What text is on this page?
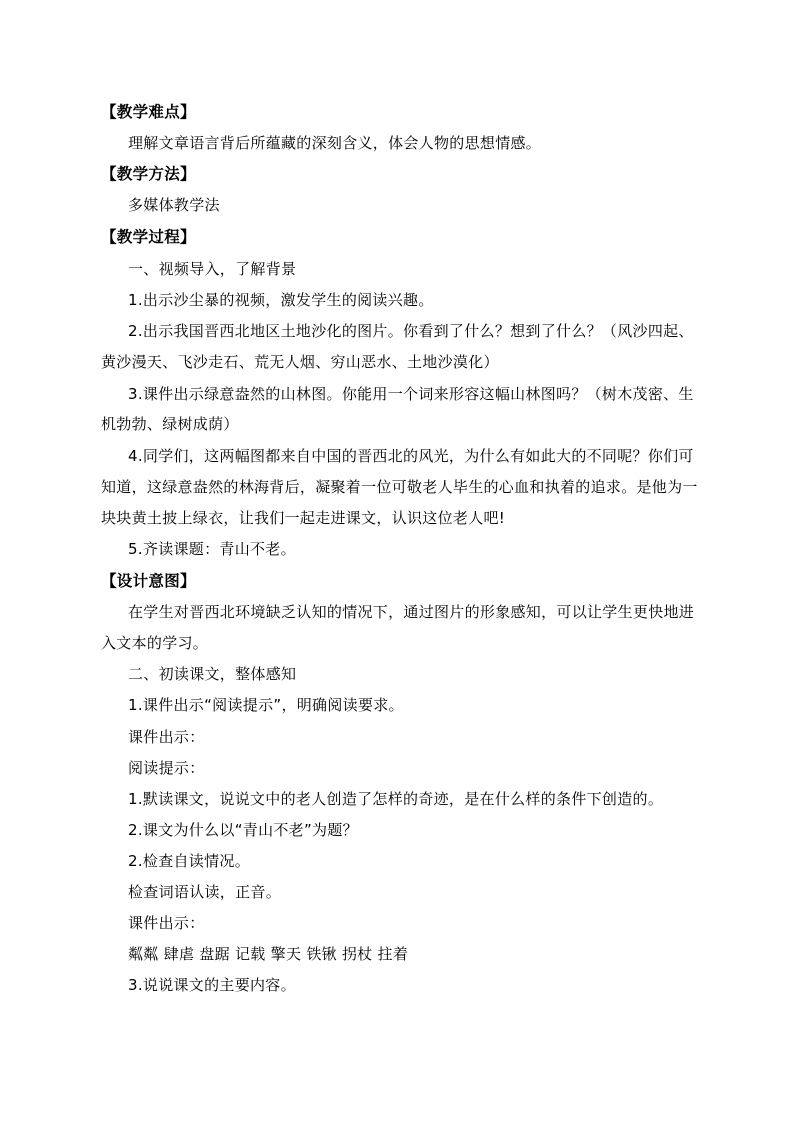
【教学难点】
理解文章语言背后所蕴藏的深刻含义，体会人物的思想情感。
【教学方法】
多媒体教学法
【教学过程】
一、视频导入，了解背景
1.出示沙尘暴的视频，激发学生的阅读兴趣。
2.出示我国晋西北地区土地沙化的图片。你看到了什么？想到了什么？（风沙四起、
黄沙漫天、飞沙走石、荒无人烟、穷山恶水、土地沙漠化）
3.课件出示绿意盎然的山林图。你能用一个词来形容这幅山林图吗？（树木茂密、生
机勃勃、绿树成荫）
4.同学们，这两幅图都来自中国的晋西北的风光，为什么有如此大的不同呢？你们可
知道，这绿意盎然的林海背后，凝聚着一位可敬老人毕生的心血和执着的追求。是他为一
块块黄土披上绿衣，让我们一起走进课文，认识这位老人吧!
5.齐读课题：青山不老。
【设计意图】
在学生对晋西北环境缺乏认知的情况下，通过图片的形象感知，可以让学生更快地进
入文本的学习。
二、初读课文，整体感知
1.课件出示“阅读提示”，明确阅读要求。
课件出示：
阅读提示：
1.默读课文，说说文中的老人创造了怎样的奇迹，是在什么样的条件下创造的。
2.课文为什么以“青山不老”为题？
2.检查自读情况。
检查词语认读，正音。
课件出示：
粼粼 肆虐 盘踞 记载 擎天 铁锹 拐杖 拄着
3.说说课文的主要内容。
